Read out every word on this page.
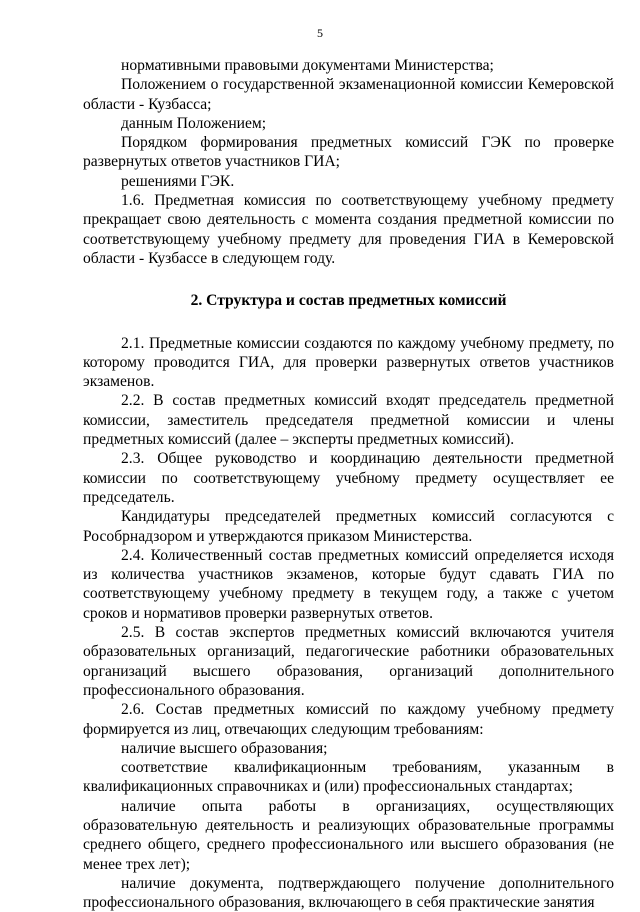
5

нормативными правовыми документами Министерства;

Положением о государственной экзаменационной комиссии Кемеровской области - Кузбасса;

данным Положением;

Порядком формирования предметных комиссий ГЭК по проверке развернутых ответов участников ГИА;

решениями ГЭК.

1.6. Предметная комиссия по соответствующему учебному предмету прекращает свою деятельность с момента создания предметной комиссии по соответствующему учебному предмету для проведения ГИА в Кемеровской области - Кузбассе в следующем году.

2. Структура и состав предметных комиссий

2.1. Предметные комиссии создаются по каждому учебному предмету, по которому проводится ГИА, для проверки развернутых ответов участников экзаменов.

2.2. В состав предметных комиссий входят председатель предметной комиссии, заместитель председателя предметной комиссии и члены предметных комиссий (далее – эксперты предметных комиссий).

2.3. Общее руководство и координацию деятельности предметной комиссии по соответствующему учебному предмету осуществляет ее председатель.

Кандидатуры председателей предметных комиссий согласуются с Рособрнадзором и утверждаются приказом Министерства.

2.4. Количественный состав предметных комиссий определяется исходя из количества участников экзаменов, которые будут сдавать ГИА по соответствующему учебному предмету в текущем году, а также с учетом сроков и нормативов проверки развернутых ответов.

2.5. В состав экспертов предметных комиссий включаются учителя образовательных организаций, педагогические работники образовательных организаций высшего образования, организаций дополнительного профессионального образования.

2.6. Состав предметных комиссий по каждому учебному предмету формируется из лиц, отвечающих следующим требованиям:

наличие высшего образования;

соответствие квалификационным требованиям, указанным в квалификационных справочниках и (или) профессиональных стандартах;

наличие опыта работы в организациях, осуществляющих образовательную деятельность и реализующих образовательные программы среднего общего, среднего профессионального или высшего образования (не менее трех лет);

наличие документа, подтверждающего получение дополнительного профессионального образования, включающего в себя практические занятия
